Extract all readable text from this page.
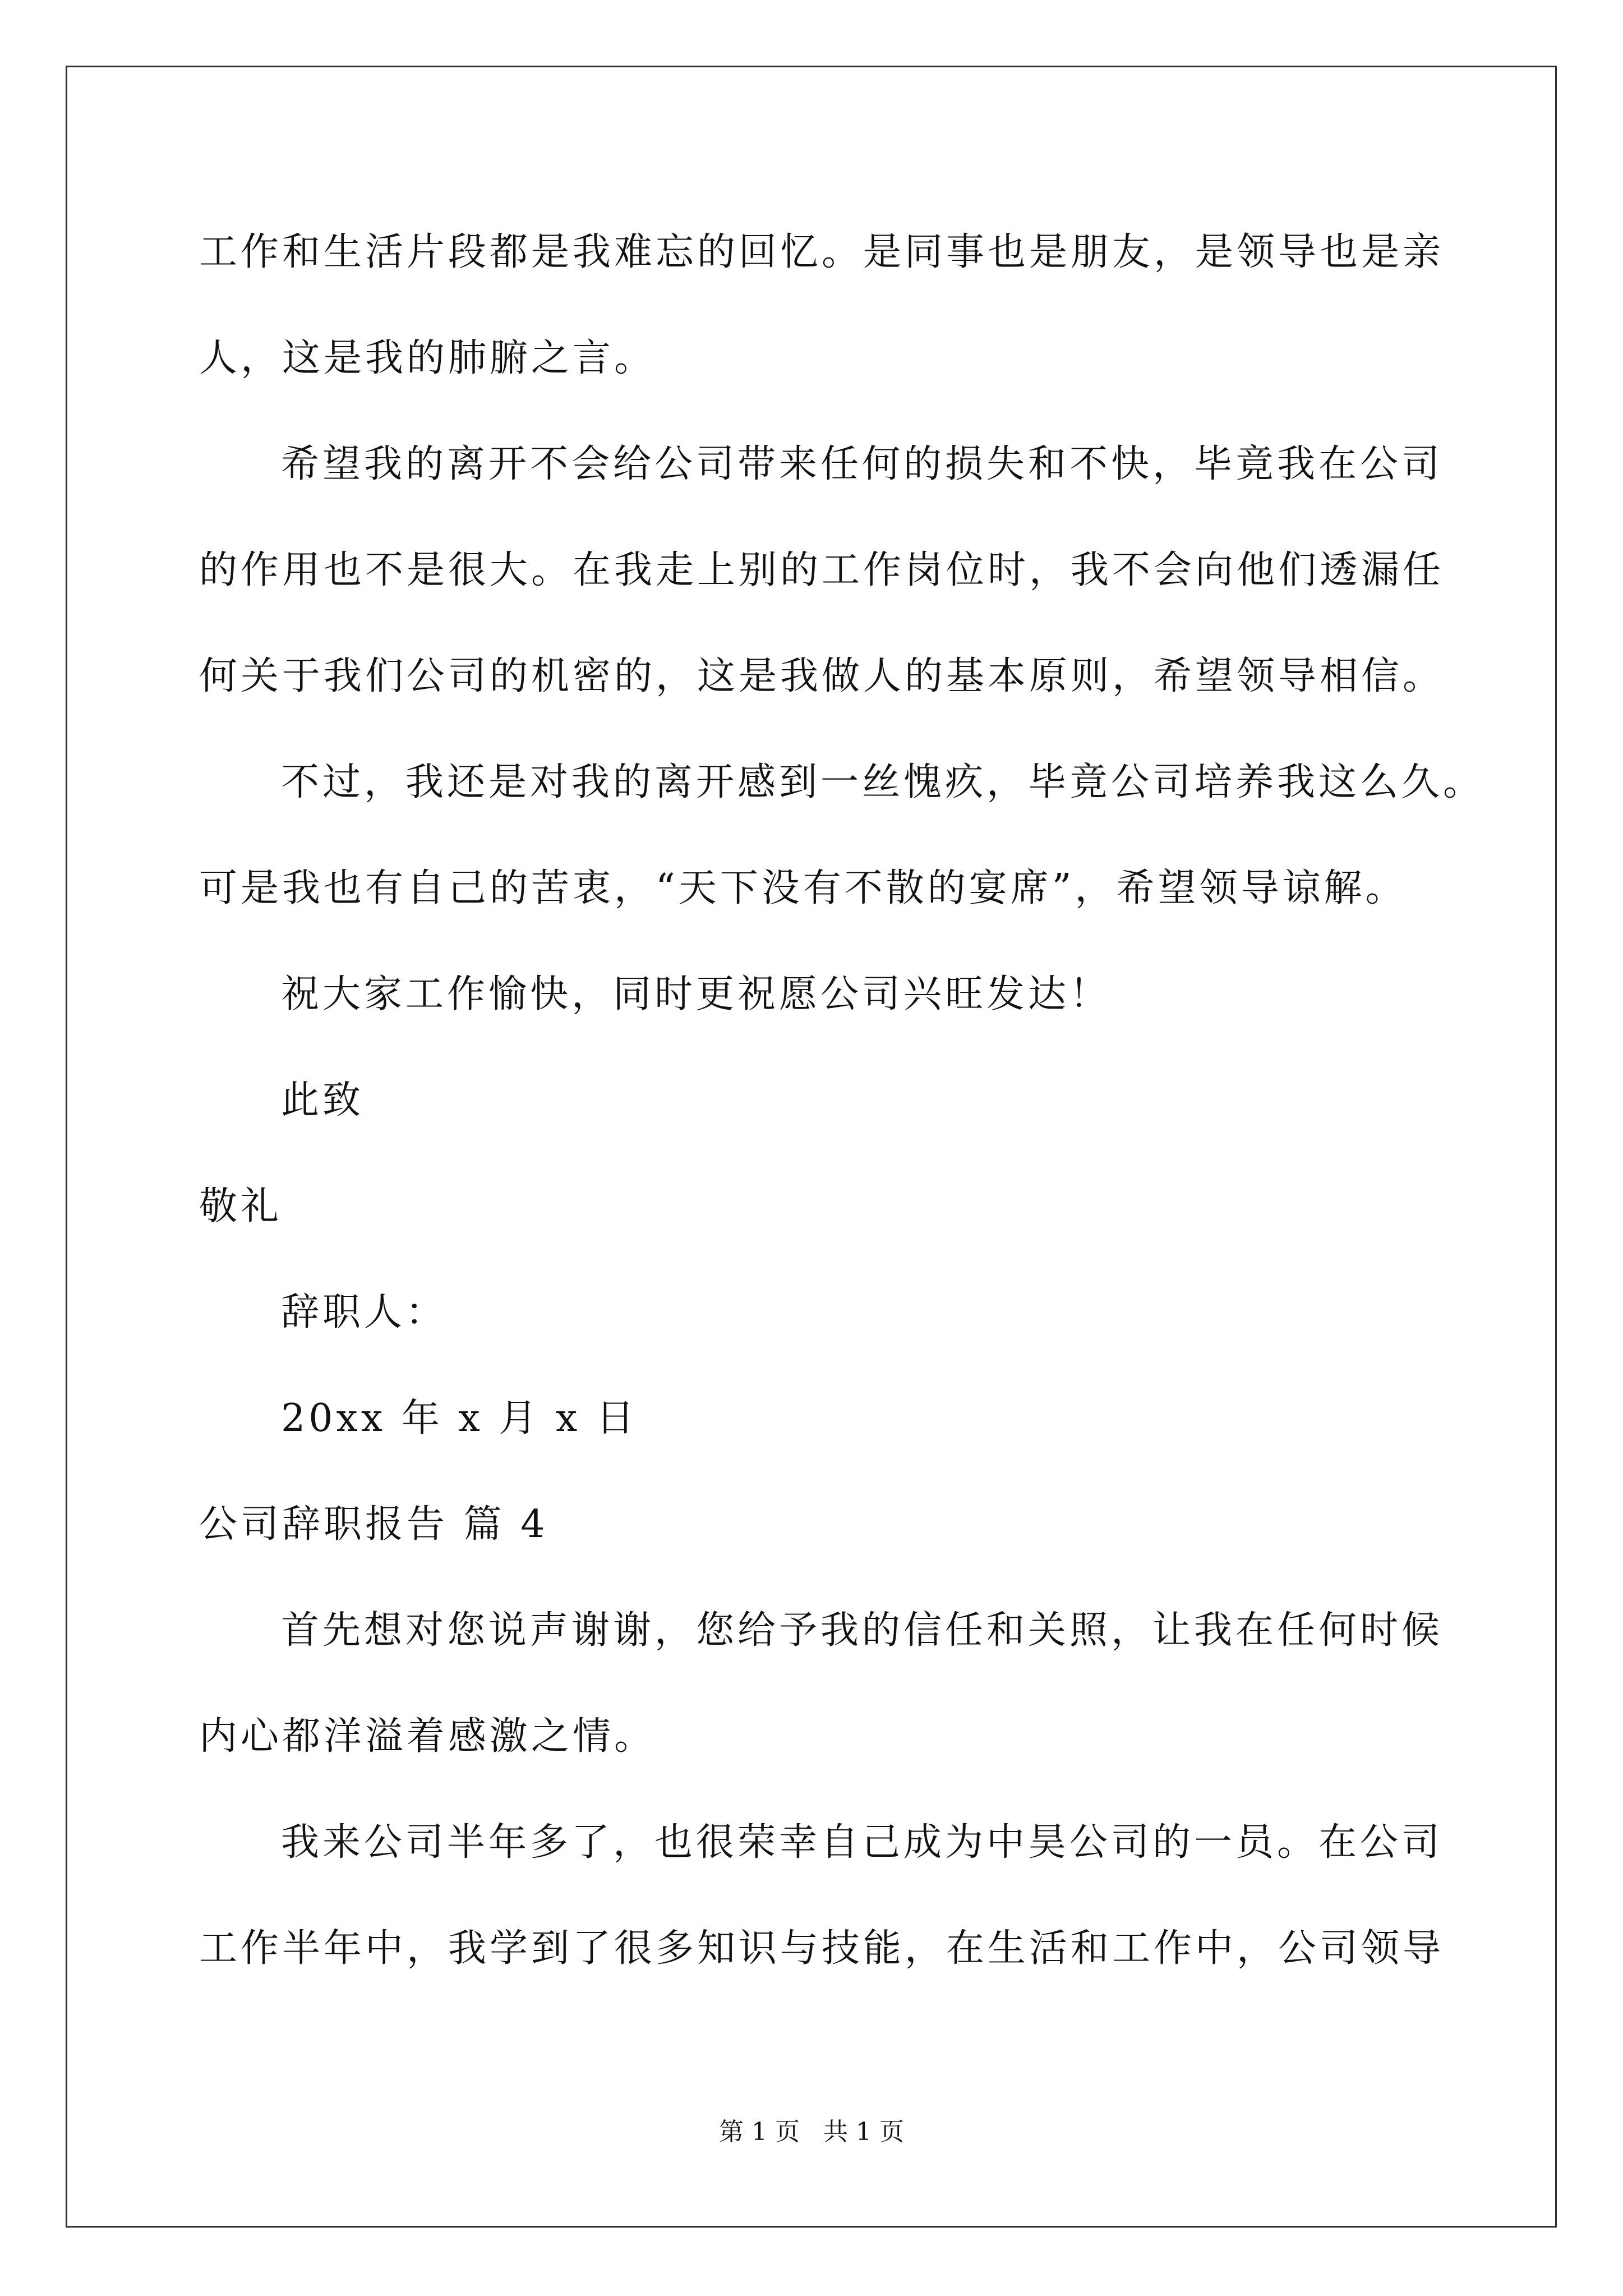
工作和生活片段都是我难忘的回忆。是同事也是朋友，是领导也是亲
人，这是我的肺腑之言。
希望我的离开不会给公司带来任何的损失和不快，毕竟我在公司
的作用也不是很大。在我走上别的工作岗位时，我不会向他们透漏任
何关于我们公司的机密的，这是我做人的基本原则，希望领导相信。
不过，我还是对我的离开感到一丝愧疚，毕竟公司培养我这么久。
可是我也有自己的苦衷，“天下没有不散的宴席”，希望领导谅解。
祝大家工作愉快，同时更祝愿公司兴旺发达！
此致
敬礼
辞职人：
20xx 年 x 月 x 日
公司辞职报告 篇 4
首先想对您说声谢谢，您给予我的信任和关照，让我在任何时候
内心都洋溢着感激之情。
我来公司半年多了，也很荣幸自己成为中昊公司的一员。在公司
工作半年中，我学到了很多知识与技能，在生活和工作中，公司领导
第 1 页 共 1 页
